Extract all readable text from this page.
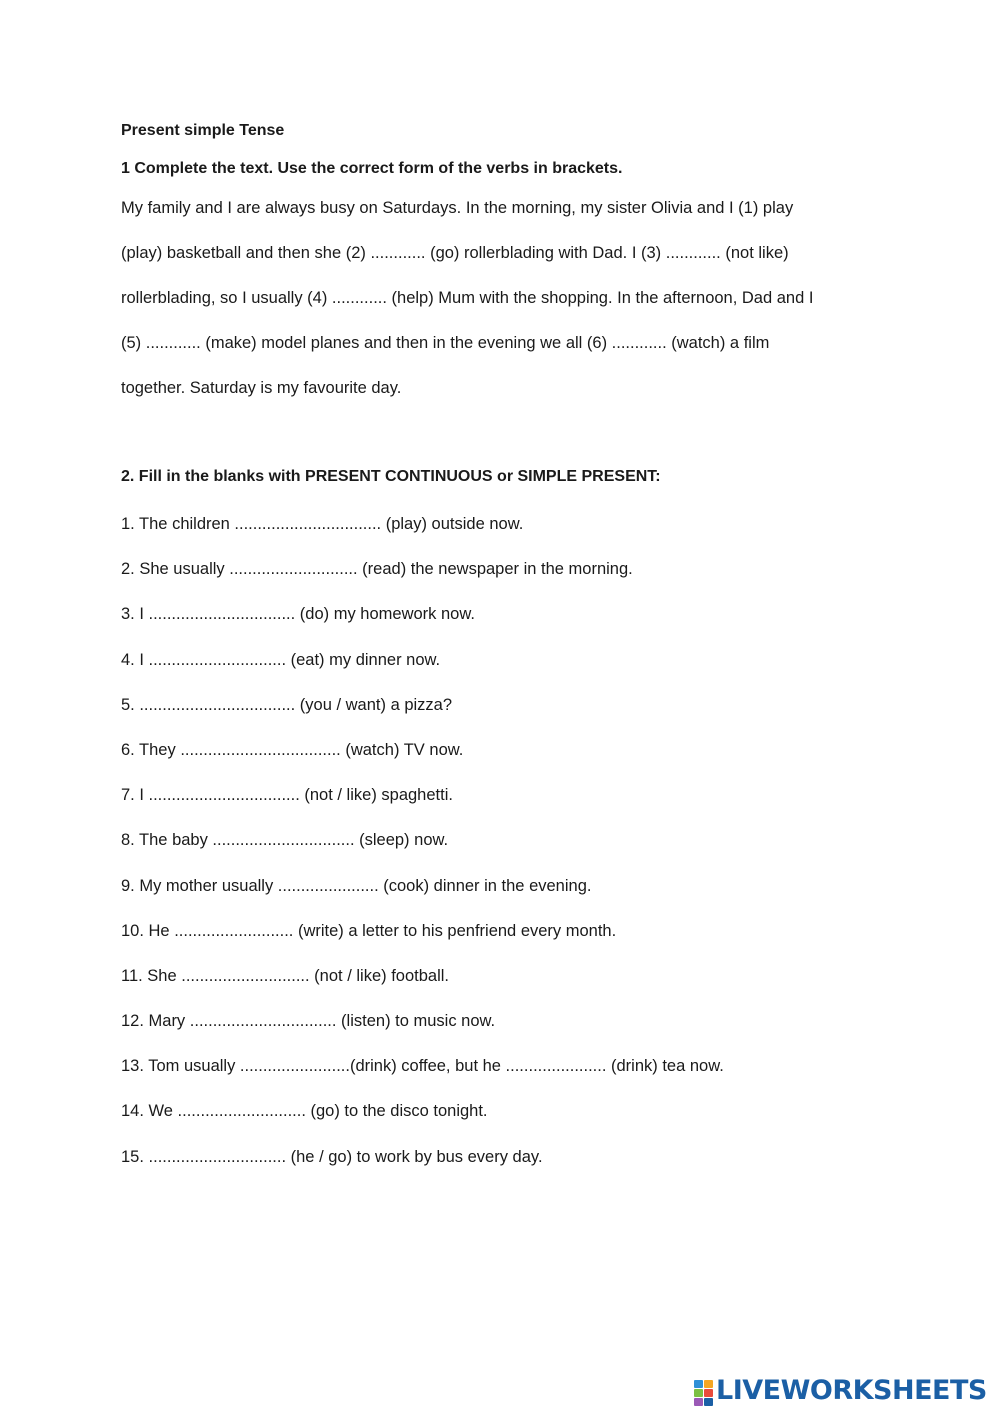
Present simple Tense
1 Complete the text. Use the correct form of the verbs in brackets.
My family and I are always busy on Saturdays. In the morning, my sister Olivia and I (1) play
(play) basketball and then she (2) ............ (go) rollerblading with Dad. I (3) ............ (not like)
rollerblading, so I usually (4) ............ (help) Mum with the shopping. In the afternoon, Dad and I
(5) ............ (make) model planes and then in the evening we all (6) ............ (watch) a film
together. Saturday is my favourite day.
2. Fill in the blanks with PRESENT CONTINUOUS or SIMPLE PRESENT:
1. The children ................................ (play) outside now.
2. She usually ............................ (read) the newspaper in the morning.
3. I ................................ (do) my homework now.
4. I .............................. (eat) my dinner now.
5. .................................. (you / want) a pizza?
6. They ................................... (watch) TV now.
7. I ................................. (not / like) spaghetti.
8. The baby ............................... (sleep) now.
9. My mother usually ...................... (cook) dinner in the evening.
10. He .......................... (write) a letter to his penfriend every month.
11. She ............................ (not / like) football.
12. Mary ................................ (listen) to music now.
13. Tom usually ........................(drink) coffee, but he ...................... (drink) tea now.
14. We ............................ (go) to the disco tonight.
15. .............................. (he / go) to work by bus every day.
LIVEWORKSHEETS
